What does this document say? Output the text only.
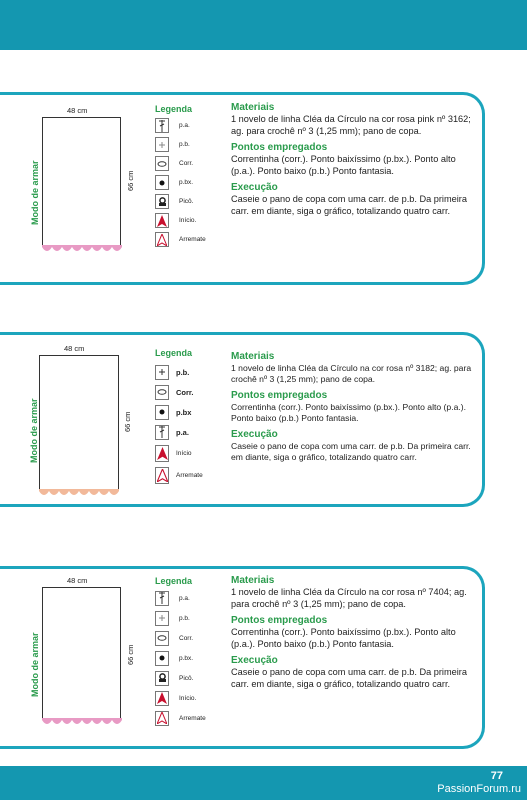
48 cm
66 cm
Modo de armar
Legenda
p.a.
p.b.
Corr.
p.bx.
Picô.
Início.
Arremate
Materiais

1 novelo de linha Cléa da Círculo na cor rosa pink nº 3162; ag. para crochê nº 3 (1,25 mm); pano de copa.

Pontos empregados

Correntinha (corr.). Ponto baixíssimo (p.bx.). Ponto alto (p.a.). Ponto baixo (p.b.) Ponto fantasia.

Execução

Caseie o pano de copa com uma carr. de p.b. Da primeira carr. em diante, siga o gráfico, totalizando quatro carr.

48 cm
66 cm
Modo de armar
Legenda
p.b.
Corr.
p.bx
p.a.
Início
Arremate
Materiais

1 novelo de linha Cléa da Círculo na cor rosa nº 3182; ag. para crochê nº 3 (1,25 mm); pano de copa.

Pontos empregados

Correntinha (corr.). Ponto baixíssimo (p.bx.). Ponto alto (p.a.). Ponto baixo (p.b.) Ponto fantasia.

Execução

Caseie o pano de copa com uma carr. de p.b. Da primeira carr. em diante, siga o gráfico, totalizando quatro carr.

48 cm
66 cm
Modo de armar
Legenda
p.a.
p.b.
Corr.
p.bx.
Picô.
Início.
Arremate
Materiais

1 novelo de linha Cléa da Círculo na cor rosa nº 7404; ag. para crochê nº 3 (1,25 mm); pano de copa.

Pontos empregados

Correntinha (corr.). Ponto baixíssimo (p.bx.). Ponto alto (p.a.). Ponto baixo (p.b.) Ponto fantasia.

Execução

Caseie o pano de copa com uma carr. de p.b. Da primeira carr. em diante, siga o gráfico, totalizando quatro carr.

77
PassionForum.ru
